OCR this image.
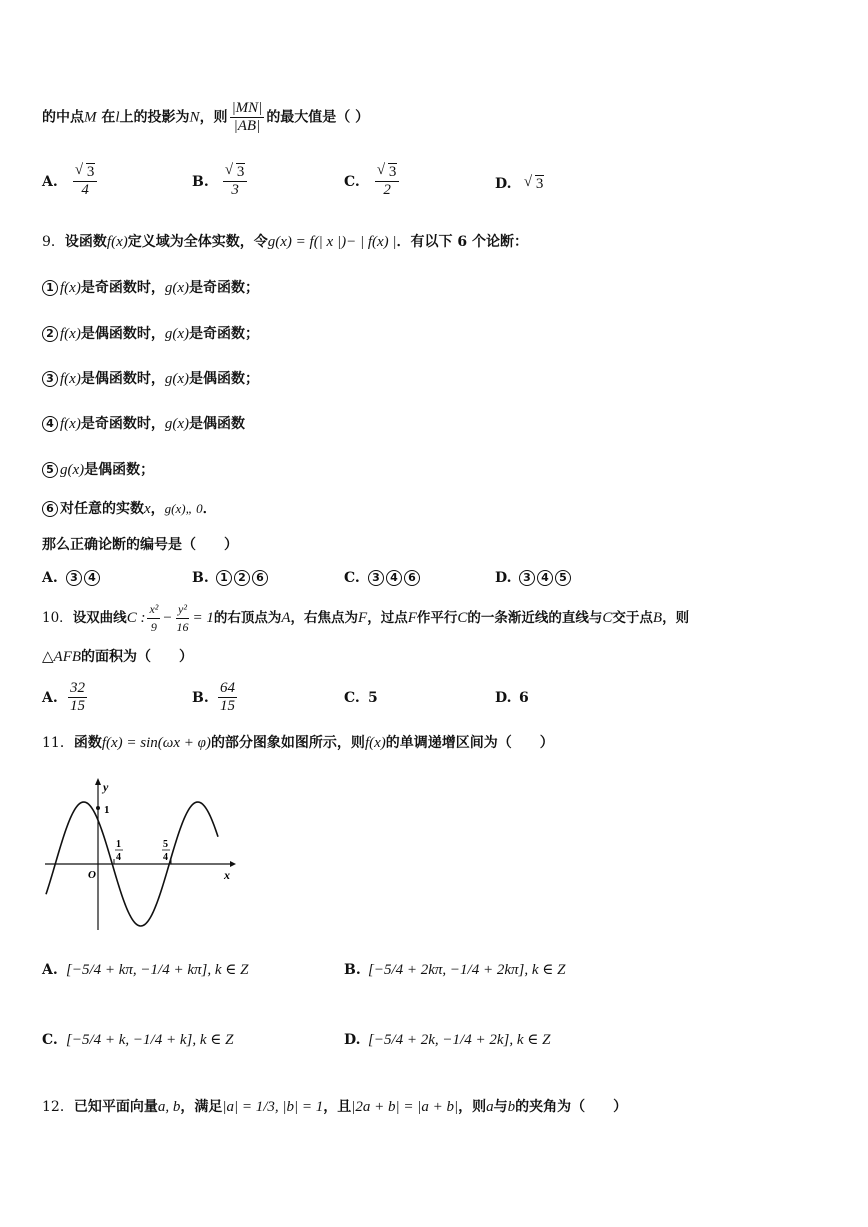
的中点M 在l上的投影为N，则 $\frac{|MN|}{|AB|}$ 的最大值是（ ）
A. $\frac{√ 3}{4}$	B. $\frac{√ 3}{3}$	C. $\frac{√ 3}{2}$	D. √ 3
9．设函数f(x)定义域为全体实数，令g(x) = f(| x |)− | f(x) |．有以下 6 个论断：
1 f(x)是奇函数时，g(x)是奇函数；
2 f(x)是偶函数时，g(x)是奇函数；
3 f(x)是偶函数时，g(x)是偶函数；
4 f(x)是奇函数时，g(x)是偶函数
5 g(x)是偶函数；
6 对任意的实数x，g(x)„ 0．
那么正确论断的编号是（　　）
A. 3 4	B. 1 2 6	C. 3 4 6	D. 3 4 5
10．设双曲线C : $\frac{\text{x²}}{9} - \frac{\text{y²}}{16} = 1$的右顶点为A，右焦点为F，过点F作平行C的一条渐近线的直线与C交于点B，则
△AFB的面积为（　　）
A. $\frac{32}{15}$	B. $\frac{64}{15}$	C. 5	D. 6
11．函数f(x) = sin(ωx + φ)的部分图象如图所示，则f(x)的单调递增区间为（　　）
y
x
O
1
1
4
5
4
A. [−5/4 + kπ, −1/4 + kπ], k ∈ Z	B. [−5/4 + 2kπ, −1/4 + 2kπ], k ∈ Z
C. [−5/4 + k, −1/4 + k], k ∈ Z	D. [−5/4 + 2k, −1/4 + 2k], k ∈ Z
12．已知平面向量a, b，满足|a| = 1/3, |b| = 1，且|2a + b| = |a + b|，则a与b的夹角为（　　）
